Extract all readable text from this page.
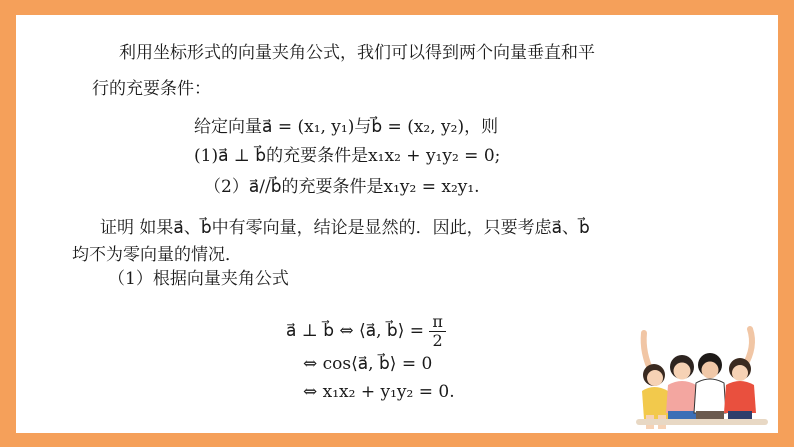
利用坐标形式的向量夹角公式，我们可以得到两个向量垂直和平
行的充要条件：
给定向量a⃗ = (x₁, y₁)与b⃗ = (x₂, y₂)，则
(1)a⃗ ⊥ b⃗的充要条件是x₁x₂ + y₁y₂ = 0;
（2）a⃗//b⃗的充要条件是x₁y₂ = x₂y₁.
证明 如果a⃗、b⃗中有零向量，结论是显然的．因此，只要考虑a⃗、b⃗
均不为零向量的情况．
（1）根据向量夹角公式
a⃗ ⊥ b⃗ ⇔ ⟨a⃗, b⃗⟩ = $\frac{\pi}{2}$
⇔ cos⟨a⃗, b⃗⟩ = 0
⇔ x₁x₂ + y₁y₂ = 0.
